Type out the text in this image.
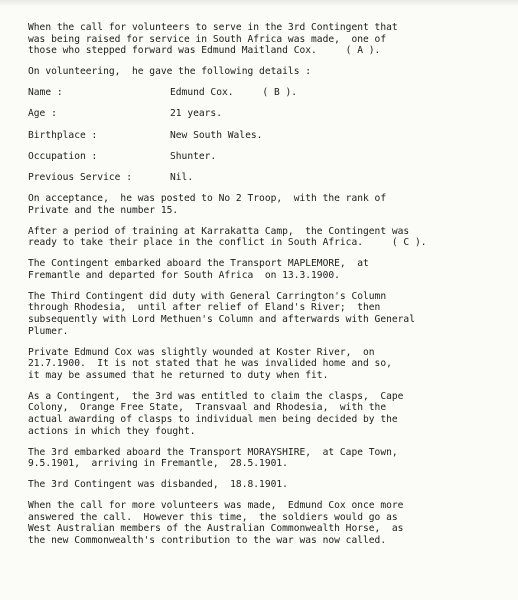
When the call for volunteers to serve in the 3rd Contingent that
was being raised for service in South Africa was made,  one of
those who stepped forward was Edmund Maitland Cox.     ( A ).

On volunteering,  he gave the following details :

Name :	Edmund Cox.     ( B ).
Age :	21 years.
Birthplace :	New South Wales.
Occupation :	Shunter.
Previous Service :	Nil.

On acceptance,  he was posted to No 2 Troop,  with the rank of
Private and the number 15.

After a period of training at Karrakatta Camp,  the Contingent was
ready to take their place in the conflict in South Africa.     ( C ).

The Contingent embarked aboard the Transport MAPLEMORE,  at
Fremantle and departed for South Africa  on 13.3.1900.

The Third Contingent did duty with General Carrington's Column
through Rhodesia,  until after relief of Eland's River;  then
subsequently with Lord Methuen's Column and afterwards with General
Plumer.

Private Edmund Cox was slightly wounded at Koster River,  on
21.7.1900.  It is not stated that he was invalided home and so,
it may be assumed that he returned to duty when fit.

As a Contingent,  the 3rd was entitled to claim the clasps,  Cape
Colony,  Orange Free State,  Transvaal and Rhodesia,  with the
actual awarding of clasps to individual men being decided by the
actions in which they fought.

The 3rd embarked aboard the Transport MORAYSHIRE,  at Cape Town,
9.5.1901,  arriving in Fremantle,  28.5.1901.

The 3rd Contingent was disbanded,  18.8.1901.

When the call for more volunteers was made,  Edmund Cox once more
answered the call.  However this time,  the soldiers would go as
West Australian members of the Australian Commonwealth Horse,  as
the new Commonwealth's contribution to the war was now called.
